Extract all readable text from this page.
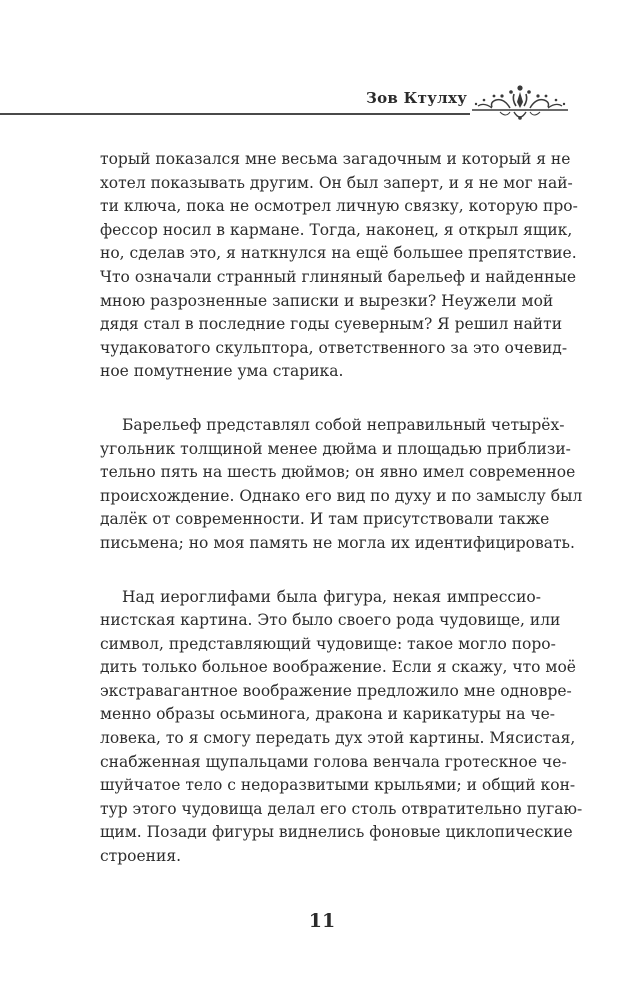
Зов Ктулху
торый показался мне весьма загадочным и который я не
хотел показывать другим. Он был заперт, и я не мог най-
ти ключа, пока не осмотрел личную связку, которую про-
фессор носил в кармане. Тогда, наконец, я открыл ящик,
но, сделав это, я наткнулся на ещё большее препятствие.
Что означали странный глиняный барельеф и найденные
мною разрозненные записки и вырезки? Неужели мой
дядя стал в последние годы суеверным? Я решил найти
чудаковатого скульптора, ответственного за это очевид-
ное помутнение ума старика.
Барельеф представлял собой неправильный четырёх-
угольник толщиной менее дюйма и площадью приблизи-
тельно пять на шесть дюймов; он явно имел современное
происхождение. Однако его вид по духу и по замыслу был
далёк от современности. И там присутствовали также
письмена; но моя память не могла их идентифицировать.
Над иероглифами была фигура, некая импрессио-
нистская картина. Это было своего рода чудовище, или
символ, представляющий чудовище: такое могло поро-
дить только больное воображение. Если я скажу, что моё
экстравагантное воображение предложило мне одновре-
менно образы осьминога, дракона и карикатуры на че-
ловека, то я смогу передать дух этой картины. Мясистая,
снабженная щупальцами голова венчала гротескное че-
шуйчатое тело с недоразвитыми крыльями; и общий кон-
тур этого чудовища делал его столь отвратительно пугаю-
щим. Позади фигуры виднелись фоновые циклопические
строения.
11
